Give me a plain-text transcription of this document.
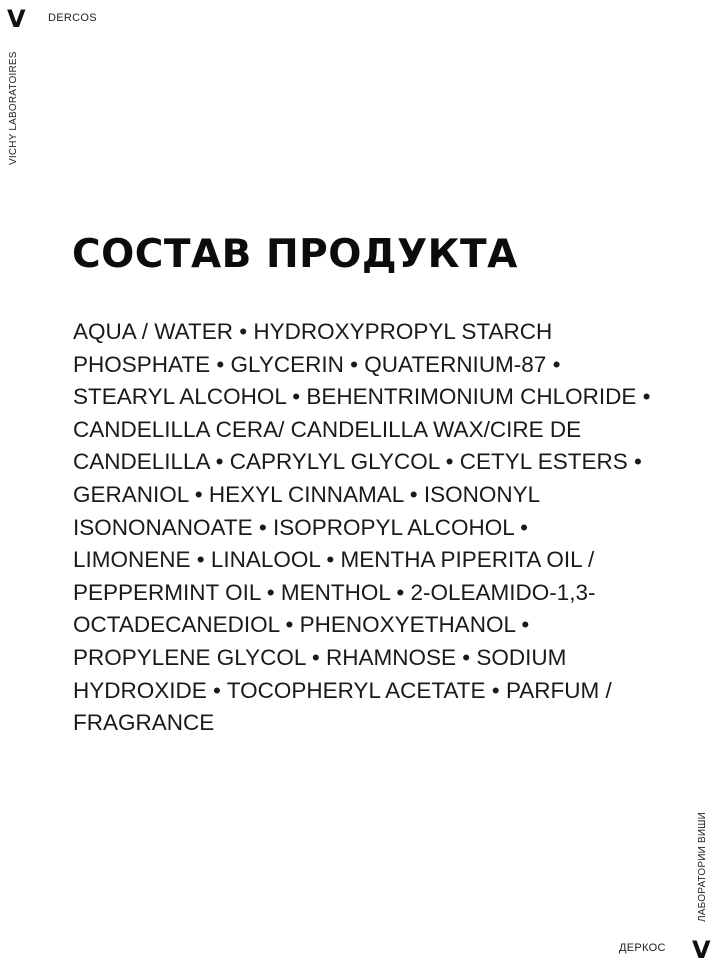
V DERCOS
VICHY LABORATOIRES
СОСТАВ ПРОДУКТА
AQUA / WATER • HYDROXYPROPYL STARCH
PHOSPHATE • GLYCERIN • QUATERNIUM-87 •
STEARYL ALCOHOL • BEHENTRIMONIUM CHLORIDE •
CANDELILLA CERA/ CANDELILLA WAX/CIRE DE
CANDELILLA • CAPRYLYL GLYCOL • CETYL ESTERS •
GERANIOL • HEXYL CINNAMAL • ISONONYL
ISONONANOATE • ISOPROPYL ALCOHOL •
LIMONENE • LINALOOL • MENTHA PIPERITA OIL /
PEPPERMINT OIL • MENTHOL • 2-OLEAMIDO-1,3-
OCTADECANEDIOL • PHENOXYETHANOL •
PROPYLENE GLYCOL • RHAMNOSE • SODIUM
HYDROXIDE • TOCOPHERYL ACETATE • PARFUM /
FRAGRANCE
ЛАБОРАТОРИИ ВИШИ
ДЕРКОС V
